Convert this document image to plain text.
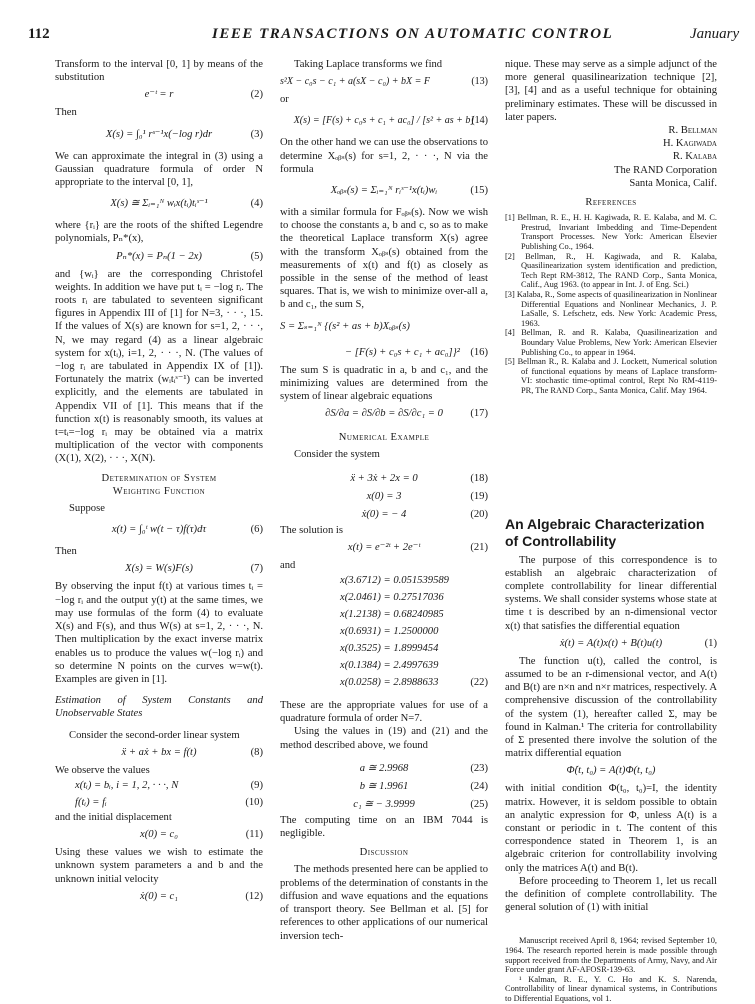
112	IEEE TRANSACTIONS ON AUTOMATIC CONTROL	January

Transform to the interval [0, 1] by means of the substitution

e⁻ᵗ = r	(2)

Then

X(s) = ∫₀¹ rˢ⁻¹x(−log r)dr	(3)

We can approximate the integral in (3) using a Gaussian quadrature formula of order N appropriate to the interval [0, 1],

X(s) ≅ Σᵢ₌₁ᴺ wᵢx(tᵢ)tᵢˢ⁻¹	(4)

where {rᵢ} are the roots of the shifted Legendre polynomials, Pₙ*(x),

Pₙ*(x) = Pₙ(1 − 2x)	(5)

and {wᵢ} are the corresponding Christofel weights. In addition we have put tᵢ = −log rᵢ. The roots rᵢ are tabulated to seventeen significant figures in Appendix III of [1] for N=3, · · ·, 15. If the values of X(s) are known for s=1, 2, · · ·, N, we may regard (4) as a linear algebraic system for x(tᵢ), i=1, 2, · · ·, N. (The values of −log rᵢ are tabulated in Appendix IX of [1]). Fortunately the matrix (wᵢtᵢˢ⁻¹) can be inverted explicitly, and the elements are tabulated in Appendix VII of [1]. This means that if the function x(t) is reasonably smooth, its values at t=tᵢ=−log rᵢ may be obtained via a matrix multiplication of the vector with components (X(1), X(2), · · ·, X(N).

Determination of System
Weighting Function

Suppose

x(t) = ∫₀ᵗ w(t − τ)f(τ)dτ	(6)

Then

X(s) = W(s)F(s)	(7)

By observing the input f(t) at various times tᵢ = −log rᵢ and the output y(t) at the same times, we may use formulas of the form (4) to evaluate X(s) and F(s), and thus W(s) at s=1, 2, · · ·, N. Then multiplication by the exact inverse matrix enables us to produce the values w(−log rᵢ) and so determine N points on the curves w=w(t). Examples are given in [1].

Estimation of System Constants and Unobservable States

Consider the second-order linear system

ẍ + aẋ + bx = f(t)	(8)

We observe the values

x(tᵢ) = bᵢ, i = 1, 2, · · ·, N	(9)
f(tᵢ) = fᵢ	(10)

and the initial displacement

x(0) = c₀	(11)

Using these values we wish to estimate the unknown system parameters a and b and the unknown initial velocity

ẋ(0) = c₁	(12)

Taking Laplace transforms we find

s²X − c₀s − c₁ + a(sX − c₀) + bX = F	(13)

or

X(s) = [F(s) + c₀s + c₁ + ac₀] / [s² + as + b]
(14)

On the other hand we can use the observations to determine Xₒᵦₛ(s) for s=1, 2, · · ·, N via the formula

Xₒᵦₛ(s) = Σᵢ₌₁ᴺ rᵢˢ⁻¹x(tᵢ)wᵢ	(15)

with a similar formula for Fₒᵦₛ(s). Now we wish to choose the constants a, b and c, so as to make the theoretical Laplace transform X(s) agree with the transform Xₒᵦₛ(s) obtained from the measurements of x(t) and f(t) as closely as possible in the sense of the method of least squares. That is, we wish to minimize over-all a, b and c₁, the sum S,

S = Σₛ₌₁ᴺ {(s² + as + b)Xₒᵦₛ(s)
− [F(s) + c₀s + c₁ + ac₀]}² (16)

The sum S is quadratic in a, b and c₁, and the minimizing values are determined from the system of linear algebraic equations

∂S/∂a = ∂S/∂b = ∂S/∂c₁ = 0	(17)
Numerical Example

Consider the system

ẍ + 3ẋ + 2x = 0	(18)
x(0) = 3	(19)
ẋ(0) = − 4	(20)

The solution is

x(t) = e⁻²ᵗ + 2e⁻ᵗ	(21)

and

x(3.6712) = 0.051539589
x(2.0461) = 0.27517036
x(1.2138) = 0.68240985
x(0.6931) = 1.2500000
x(0.3525) = 1.8999454
x(0.1384) = 2.4997639
x(0.0258) = 2.8988633	(22)

These are the appropriate values for use of a quadrature formula of order N=7.

Using the values in (19) and (21) and the method described above, we found

a ≅ 2.9968	(23)
b ≅ 1.9961	(24)
c₁ ≅ − 3.9999	(25)

The computing time on an IBM 7044 is negligible.

Discussion

The methods presented here can be applied to problems of the determination of constants in the diffusion and wave equations and the equations of transport theory. See Bellman et al. [5] for references to other applications of our numerical inversion tech-

nique. These may serve as a simple adjunct of the more general quasilinearization technique [2], [3], [4] and as a useful technique for obtaining preliminary estimates. These will be discussed in later papers.

R. Bellman
H. Kagiwada
R. Kalaba
The RAND Corporation
Santa Monica, Calif.
References

[1] Bellman, R. E., H. H. Kagiwada, R. E. Kalaba, and M. C. Prestrud, Invariant Imbedding and Time-Dependent Transport Processes. New York: American Elsevier Publishing Co., 1964.

[2] Bellman, R., H. Kagiwada, and R. Kalaba, Quasilinearization system identification and prediction, Tech Rept RM-3812, The RAND Corp., Santa Monica, Calif., Aug 1963. (to appear in Int. J. of Eng. Sci.)

[3] Kalaba, R., Some aspects of quasilinearization in Nonlinear Differential Equations and Nonlinear Mechanics, J. P. LaSalle, S. Lefschetz, eds. New York: Academic Press, 1963.

[4] Bellman, R. and R. Kalaba, Quasilinearization and Boundary Value Problems, New York: American Elsevier Publishing Co., to appear in 1964.

[5] Bellman R., R. Kalaba and J. Lockett, Numerical solution of functional equations by means of Laplace transform-VI: stochastic time-optimal control, Rept No RM-4119-PR, The RAND Corp., Santa Monica, Calif. May 1964.

An Algebraic Characterization of Controllability

The purpose of this correspondence is to establish an algebraic characterization of complete controllability for linear differential systems. We shall consider systems whose state at time t is described by an n-dimensional vector x(t) that satisfies the differential equation

ẋ(t) = A(t)x(t) + B(t)u(t)	(1)

The function u(t), called the control, is assumed to be an r-dimensional vector, and A(t) and B(t) are n×n and n×r matrices, respectively. A comprehensive discussion of the controllability of the system (1), hereafter called Σ, may be found in Kalman.¹ The criteria for controllability of Σ presented there involve the solution of the matrix differential equation

Φ̇(t, t₀) = A(t)Φ(t, t₀)

with initial condition Φ(t₀, t₀)=I, the identity matrix. However, it is seldom possible to obtain an analytic expression for Φ, unless A(t) is a constant or periodic in t. The content of this correspondence stated in Theorem 1, is an algebraic criterion for controllability involving only the matrices A(t) and B(t).

Before proceeding to Theorem 1, let us recall the definition of complete controllability. The general solution of (1) with initial

Manuscript received April 8, 1964; revised September 10, 1964. The research reported herein is made possible through support received from the Departments of Army, Navy, and Air Force under grant AF-AFOSR-139-63.

¹ Kalman, R. E., Y. C. Ho and K. S. Narenda, Controllability of linear dynamical systems, in Contributions to Differential Equations, vol 1.
